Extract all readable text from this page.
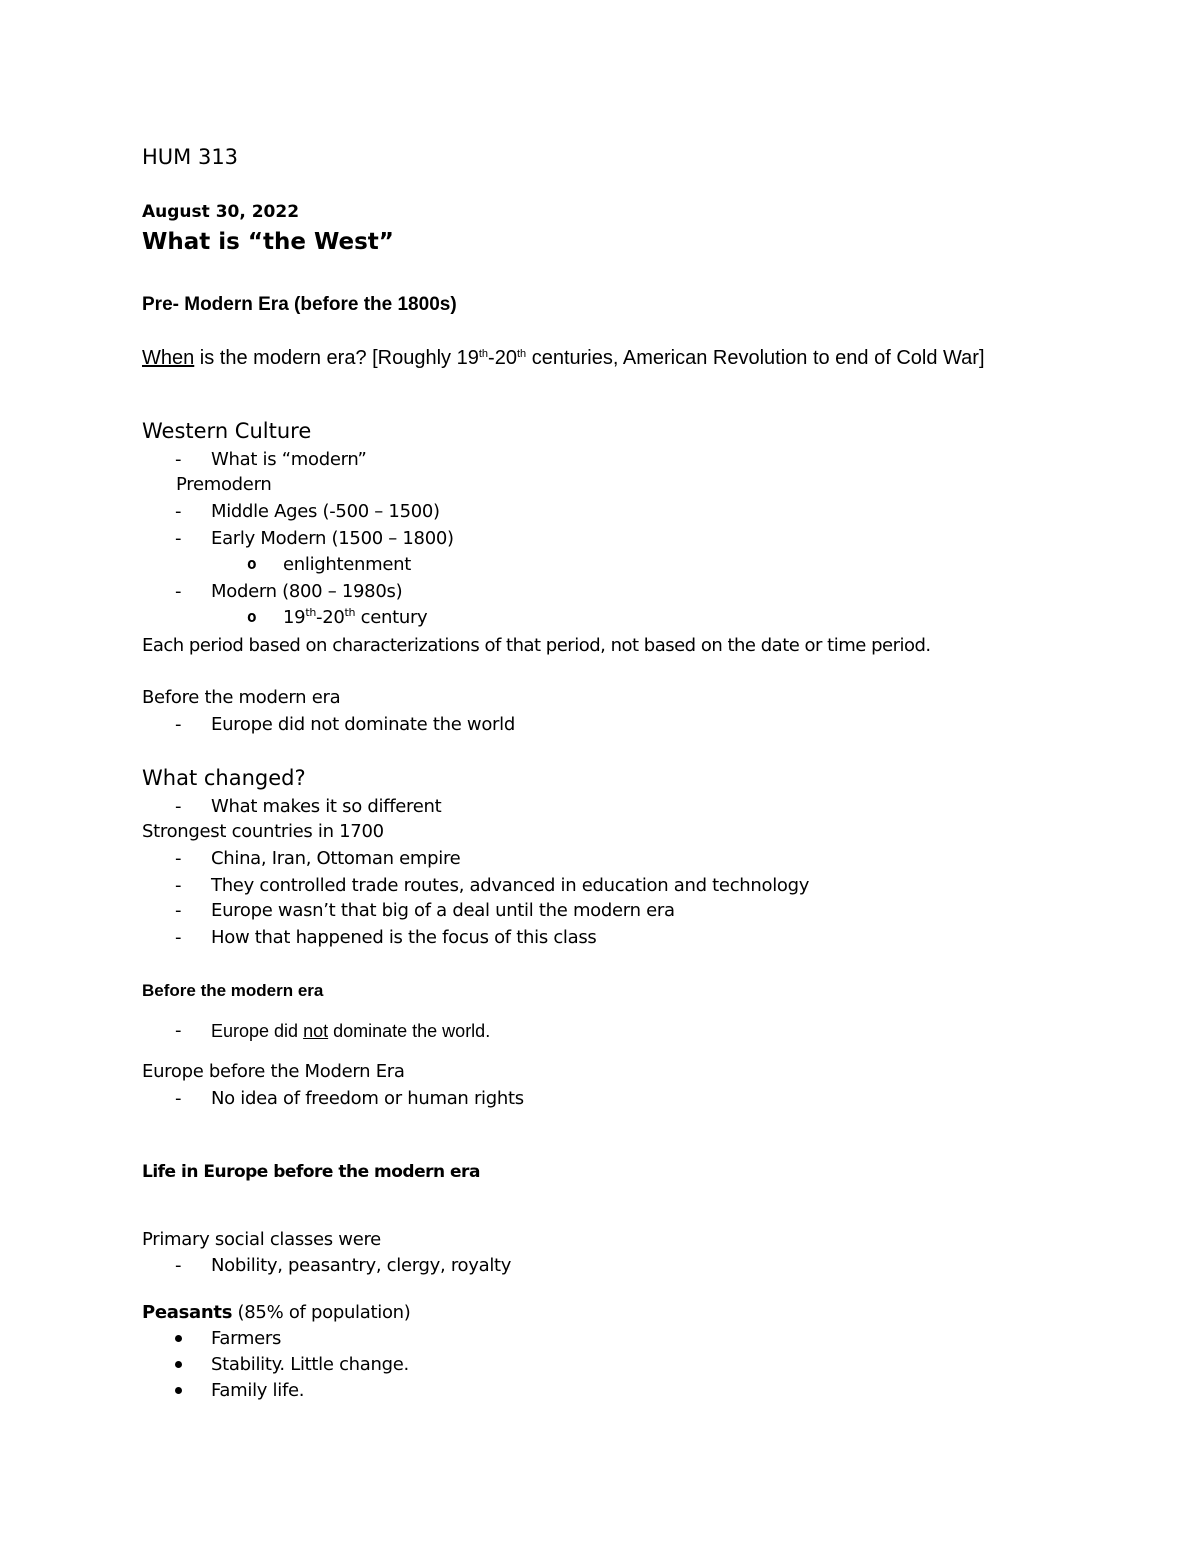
HUM 313
August 30, 2022
What is “the West”
Pre- Modern Era (before the 1800s)
When is the modern era? [Roughly 19th-20th centuries, American Revolution to end of Cold War]
Western Culture
- What is “modern”
Premodern
- Middle Ages (-500 – 1500)
- Early Modern (1500 – 1800)
o enlightenment
- Modern (800 – 1980s)
o 19th-20th century
Each period based on characterizations of that period, not based on the date or time period.
Before the modern era
- Europe did not dominate the world
What changed?
- What makes it so different
Strongest countries in 1700
- China, Iran, Ottoman empire
- They controlled trade routes, advanced in education and technology
- Europe wasn’t that big of a deal until the modern era
- How that happened is the focus of this class
Before the modern era
- Europe did not dominate the world.
Europe before the Modern Era
- No idea of freedom or human rights
Life in Europe before the modern era
Primary social classes were
- Nobility, peasantry, clergy, royalty
Peasants (85% of population)
Farmers
Stability. Little change.
Family life.
